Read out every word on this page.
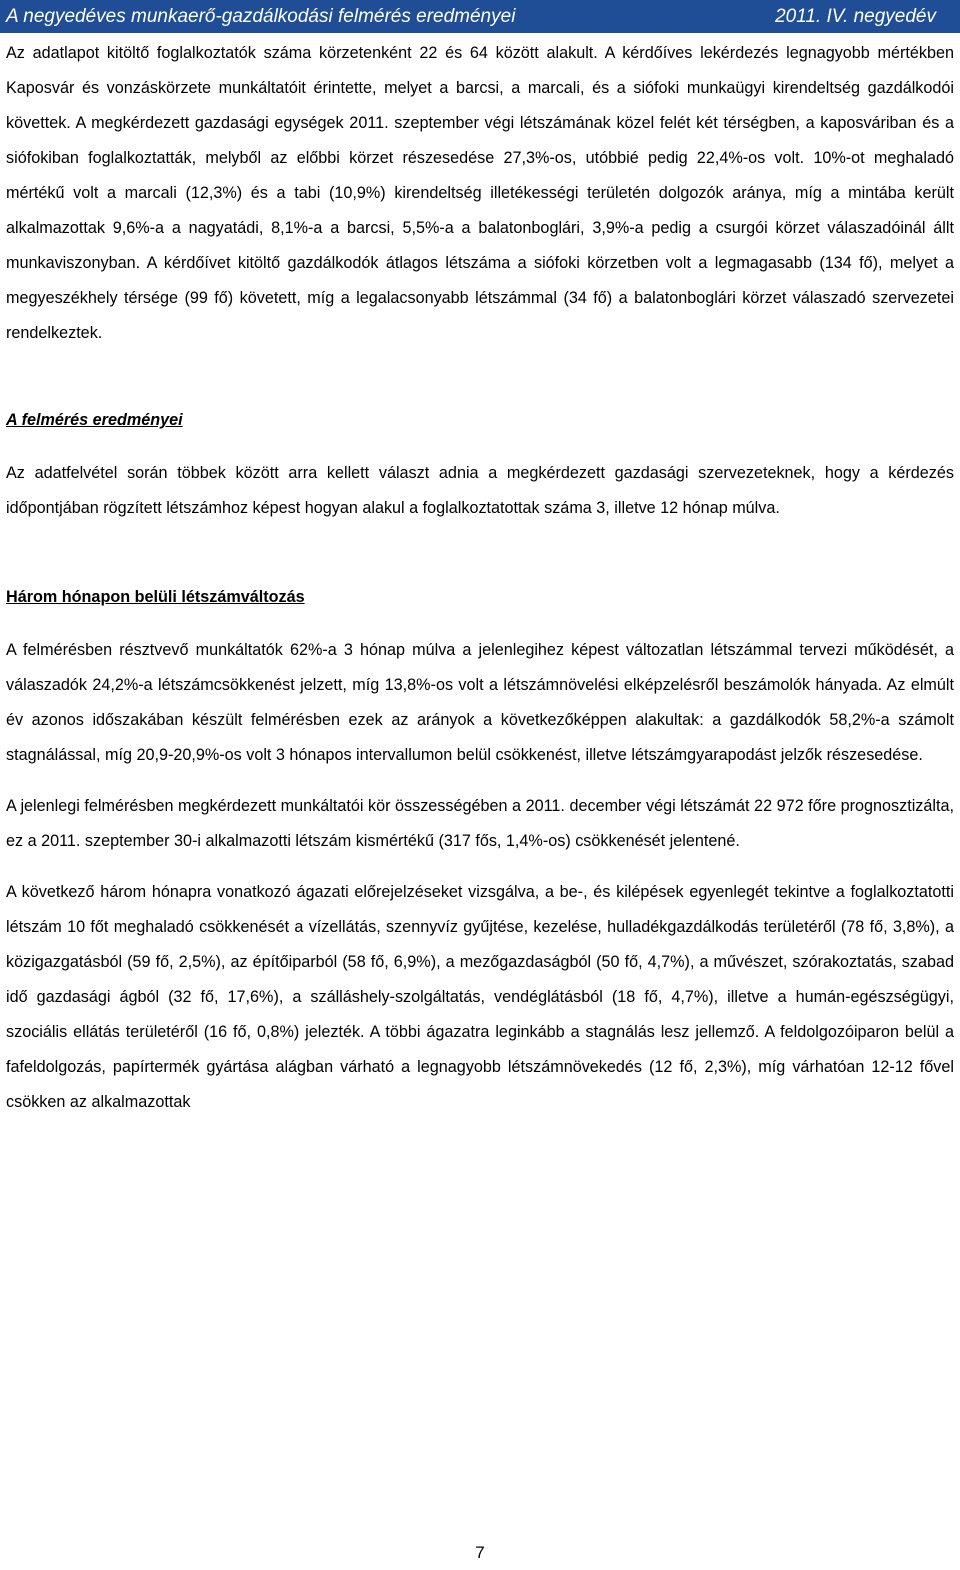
A negyedéves munkaerő-gazdálkodási felmérés eredményei	2011. IV. negyedév

Az adatlapot kitöltő foglalkoztatók száma körzetenként 22 és 64 között alakult. A kérdőíves lekérdezés legnagyobb mértékben Kaposvár és vonzáskörzete munkáltatóit érintette, melyet a barcsi, a marcali, és a siófoki munkaügyi kirendeltség gazdálkodói követtek. A megkérdezett gazdasági egységek 2011. szeptember végi létszámának közel felét két térségben, a kaposváriban és a siófokiban foglalkoztatták, melyből az előbbi körzet részesedése 27,3%-os, utóbbié pedig 22,4%-os volt. 10%-ot meghaladó mértékű volt a marcali (12,3%) és a tabi (10,9%) kirendeltség illetékességi területén dolgozók aránya, míg a mintába került alkalmazottak 9,6%-a a nagyatádi, 8,1%-a a barcsi, 5,5%-a a balatonboglári, 3,9%-a pedig a csurgói körzet válaszadóinál állt munkaviszonyban. A kérdőívet kitöltő gazdálkodók átlagos létszáma a siófoki körzetben volt a legmagasabb (134 fő), melyet a megyeszékhely térsége (99 fő) követett, míg a legalacsonyabb létszámmal (34 fő) a balatonboglári körzet válaszadó szervezetei rendelkeztek.

A felmérés eredményei

Az adatfelvétel során többek között arra kellett választ adnia a megkérdezett gazdasági szervezeteknek, hogy a kérdezés időpontjában rögzített létszámhoz képest hogyan alakul a foglalkoztatottak száma 3, illetve 12 hónap múlva.

Három hónapon belüli létszámváltozás

A felmérésben résztvevő munkáltatók 62%-a 3 hónap múlva a jelenlegihez képest változatlan létszámmal tervezi működését, a válaszadók 24,2%-a létszámcsökkenést jelzett, míg 13,8%-os volt a létszámnövelési elképzelésről beszámolók hányada. Az elmúlt év azonos időszakában készült felmérésben ezek az arányok a következőképpen alakultak: a gazdálkodók 58,2%-a számolt stagnálással, míg 20,9-20,9%-os volt 3 hónapos intervallumon belül csökkenést, illetve létszámgyarapodást jelzők részesedése.

A jelenlegi felmérésben megkérdezett munkáltatói kör összességében a 2011. december végi létszámát 22 972 főre prognosztizálta, ez a 2011. szeptember 30-i alkalmazotti létszám kismértékű (317 fős, 1,4%-os) csökkenését jelentené.

A következő három hónapra vonatkozó ágazati előrejelzéseket vizsgálva, a be-, és kilépések egyenlegét tekintve a foglalkoztatotti létszám 10 főt meghaladó csökkenését a vízellátás, szennyvíz gyűjtése, kezelése, hulladékgazdálkodás területéről (78 fő, 3,8%), a közigazgatásból (59 fő, 2,5%), az építőiparból (58 fő, 6,9%), a mezőgazdaságból (50 fő, 4,7%), a művészet, szórakoztatás, szabad idő gazdasági ágból (32 fő, 17,6%), a szálláshely-szolgáltatás, vendéglátásból (18 fő, 4,7%), illetve a humán-egészségügyi, szociális ellátás területéről (16 fő, 0,8%) jelezték. A többi ágazatra leginkább a stagnálás lesz jellemző. A feldolgozóiparon belül a fafeldolgozás, papírtermék gyártása alágban várható a legnagyobb létszámnövekedés (12 fő, 2,3%), míg várhatóan 12-12 fővel csökken az alkalmazottak

7
